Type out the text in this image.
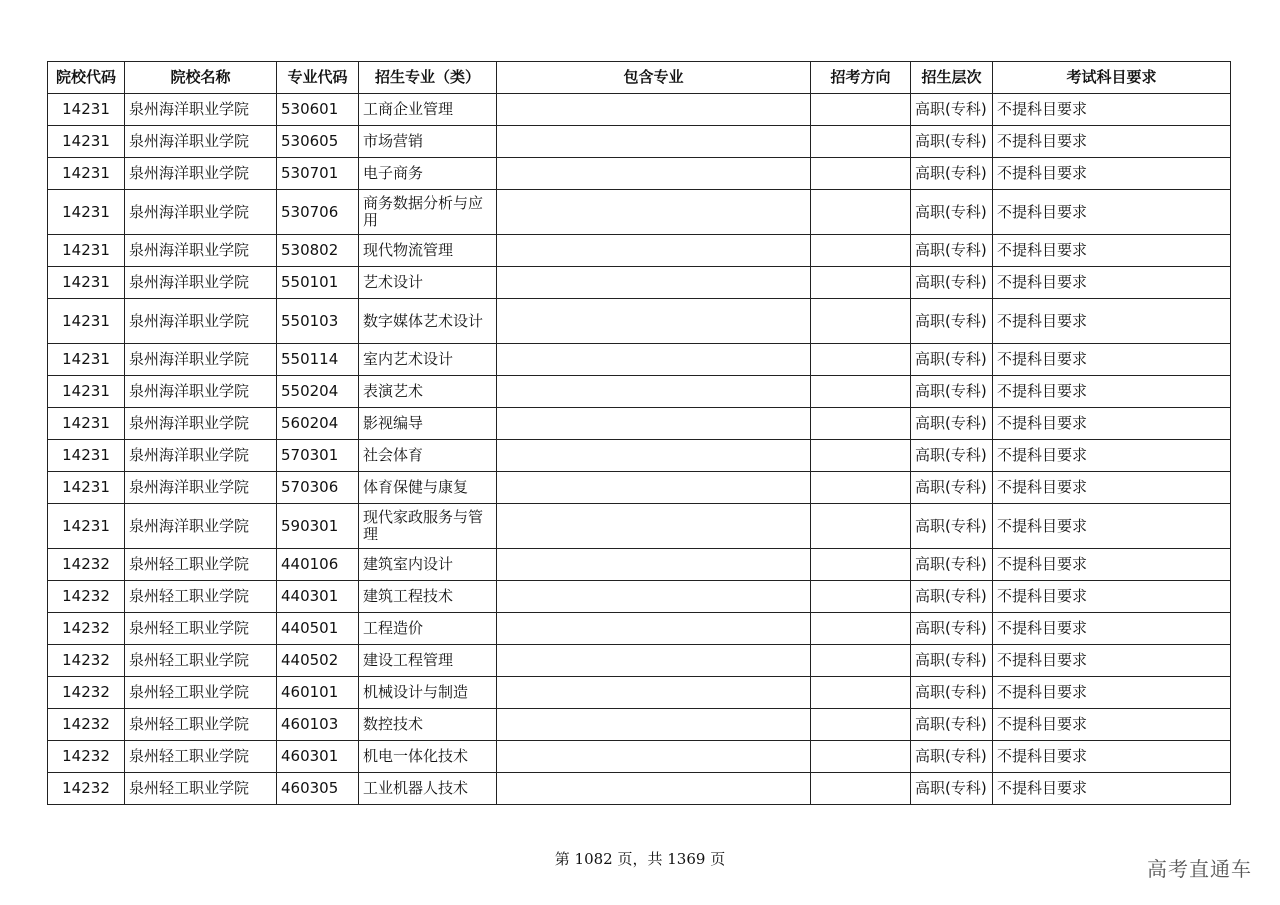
院校代码	院校名称	专业代码	招生专业（类）	包含专业	招考方向	招生层次	考试科目要求
14231	泉州海洋职业学院	530601	工商企业管理			高职(专科)	不提科目要求
14231	泉州海洋职业学院	530605	市场营销			高职(专科)	不提科目要求
14231	泉州海洋职业学院	530701	电子商务			高职(专科)	不提科目要求
14231	泉州海洋职业学院	530706	商务数据分析与应用			高职(专科)	不提科目要求
14231	泉州海洋职业学院	530802	现代物流管理			高职(专科)	不提科目要求
14231	泉州海洋职业学院	550101	艺术设计			高职(专科)	不提科目要求
14231	泉州海洋职业学院	550103	数字媒体艺术设计			高职(专科)	不提科目要求
14231	泉州海洋职业学院	550114	室内艺术设计			高职(专科)	不提科目要求
14231	泉州海洋职业学院	550204	表演艺术			高职(专科)	不提科目要求
14231	泉州海洋职业学院	560204	影视编导			高职(专科)	不提科目要求
14231	泉州海洋职业学院	570301	社会体育			高职(专科)	不提科目要求
14231	泉州海洋职业学院	570306	体育保健与康复			高职(专科)	不提科目要求
14231	泉州海洋职业学院	590301	现代家政服务与管理			高职(专科)	不提科目要求
14232	泉州轻工职业学院	440106	建筑室内设计			高职(专科)	不提科目要求
14232	泉州轻工职业学院	440301	建筑工程技术			高职(专科)	不提科目要求
14232	泉州轻工职业学院	440501	工程造价			高职(专科)	不提科目要求
14232	泉州轻工职业学院	440502	建设工程管理			高职(专科)	不提科目要求
14232	泉州轻工职业学院	460101	机械设计与制造			高职(专科)	不提科目要求
14232	泉州轻工职业学院	460103	数控技术			高职(专科)	不提科目要求
14232	泉州轻工职业学院	460301	机电一体化技术			高职(专科)	不提科目要求
14232	泉州轻工职业学院	460305	工业机器人技术			高职(专科)	不提科目要求
第 1082 页，共 1369 页	高考直通车
